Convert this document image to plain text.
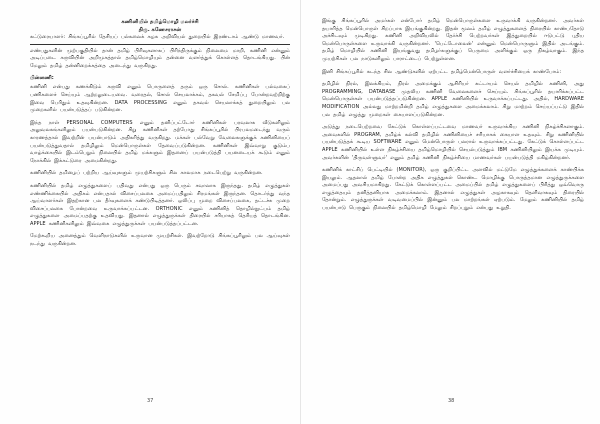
கணினியில் தமிழ்மொழி மலர்ச்சி
திரு. கணேசராசன்

கட்டுரையாளர்: சிங்கப்பூரில் தேசியப் பல்கலைக் கழக அறிவியல் துறையில் இரண்டாம் ஆண்டு மாணவர்.

எண்பதுகளின் முற்பகுதியில் தான் தமிழ் பிரிவுகளாகப் பிரிந்திருக்கும் நிலைமை மாறி, கணினி என்னும் அடிப்படை கருவியின் அறிமுகத்தால் தமிழ்மொழியும் தன்னை வளர்த்துக் கொள்ளத் தொடங்கியது. பின் மேலும் தமிழ் தன்னிறைக்கத்தை அடைந்து வருகிறது.

பின்னணி:

கணினி என்பது கணக்கிடும் கருவி எனும் பொருளைத் தரும் ஒரு சொல். கணினிகள் பல்வகைப் பணிகளைச் செய்யும் ஆற்றலுடையவை. வரைதல், சொல் செயலாக்கம், தகவல் சேமிப்பு போன்றவற்றிற்கு இவை பெரிதும் உதவுகின்றன. DATA PROCESSING எனும் தகவல் செயலாக்கத் துறையிலும் பல முறைகளில் பயன்படுத்தப் படுகின்றன.

இந்த நாள் PERSONAL COMPUTERS எனும் தனிப்பட்டோர் கணினிகள் பரவலாக வீடுகளிலும் அலுவலகங்களிலும் பயன்படுகின்றன. சிறு கணினிகள் தற்போது சிங்கப்பூரில் பிரபலமடைந்து வரும் காரணத்தால் இவற்றின் பயன்பாடும் அதிகரித்து வருகிறது. மக்கள் பல்வேறு வேலைகளுக்குக் கணினியைப் பயன்படுத்துவதால் தமிழிலும் மென்பொருள்கள் தேவைப்படுகின்றன. கணினிகள் இவ்வாறு குடும்ப வாழ்க்கையில் இடம்பெறும் நிலையில் தமிழ் மக்களும் இதனைப் பயன்படுத்தி பயனடையக் கூடும் எனும் நோக்கில் இக்கட்டுரை அமைகின்றது.

கணினியில் தமிழைப் பற்றிய ஆய்வுகளும் முயற்சிகளும் சில காலமாக நடைபெற்று வருகின்றன.

கணினியில் தமிழ் எழுத்துகளைப் பதிவது என்பது ஒரு பெரும் சவாலாக இருந்தது. தமிழ் எழுத்துகள் எண்ணிக்கையில் அதிகம் என்பதால் விசைப்பலகை அமைப்பதிலும் சிரமங்கள் இருந்தன. தொடர்ந்து வந்த ஆய்வாளர்கள் இதற்கான பல தீர்வுகளைக் கண்டுபிடித்தனர். ஒலிப்பு முறை விசைப்பலகை, தட்டச்சு முறை விசைப்பலகை போன்றவை உருவாக்கப்பட்டன. ORTHONIC எனும் கணினித் தொழில்நுட்பம் தமிழ் எழுத்துகளை அமைப்பதற்கு உதவியது. இதனால் எழுத்துருக்கள் திரையில் சரியாகத் தெரியத் தொடங்கின. APPLE கணினிகளிலும் இவ்வகை எழுத்துருக்கள் பயன்படுத்தப்பட்டன.

மேற்கூறிய அனைத்தும் வெளிநாடுகளில் உருவான முயற்சிகள். இவற்றோடு சிங்கப்பூரிலும் பல ஆய்வுகள் நடந்து வருகின்றன.

37

இங்கு சிங்கப்பூரில் அமர்கள் என்போர் தமிழ் மென்பொருள்களை உருவாக்கி வருகின்றனர். அவர்கள் தயாரித்த மென்பொருள் சிறப்பாக இயங்குகின்றது. இதன் மூலம் தமிழ் எழுத்துகளைத் திரையில் காண்பதோடு அச்சிடவும் முடிகிறது. கணினி அறிவியலில் தேர்ச்சி பெற்றவர்கள் இத்துறையில் ஈடுபட்டு புதிய மென்பொருள்களை உருவாக்கி வருகின்றனர். 'பெட்டோலைன்' என்னும் மென்பொருளும் இதில் அடங்கும். தமிழ் மொழியில் கணினி இயங்குவது தமிழர்களுக்குப் பெருமை அளிக்கும் ஒரு நிகழ்வாகும். இந்த முயற்சிகள் பல நாடுகளிலும் பாராட்டைப் பெற்றுள்ளன.

இனி சிங்கப்பூரில் கடந்த சில ஆண்டுகளில் ஏற்பட்ட தமிழ்மென்பொருள் வளர்ச்சியைக் காண்போம்:

தமிழில் நிரல், இலக்கியம், நிரல் அமைக்கும் ஆசிரியர் கட்டாயம் செயல் தமிழில் கணினி, அது PROGRAMMING, DATABASE முதலிய கணினி வேலைகளைச் செய்யும். சிங்கப்பூரில் தயாரிக்கப்பட்ட மென்பொருள்கள் பயன்படுத்தப்படுகின்றன. APPLE கணினியில் உருவாக்கப்பட்டது. அதில், HARDWARE MODIFICATION அல்லது மாற்றமின்றி தமிழ் எழுத்துகளை அமைக்கலாம். சிறு மாற்றம் செய்யப்பட்டு இதில் பல தமிழ் எழுத்து முறைகள் கையாளப்படுகின்றன.

அடுத்து நடைபெற்றவை கேட்டுக் கொள்ளப்பட்டவை மாணவர் உருவாக்கிய கணினி நிகழ்ச்சிகளாகும். அவைகளில் PROGRAM, தமிழ்க் கல்வி தமிழில் கணினியைச் சரியாகக் கையாள உதவும். சிறு கணினியில் பயன்படுத்தக் கூடிய SOFTWARE எனும் மென்பொருள் பலரால் உருவாக்கப்பட்டது. கேட்டுக் கொள்ளப்பட்ட APPLE கணினியில் உள்ள நிகழ்ச்சியை தமிழ்மொழியில் செயல்படுத்தும் IBM கணினியிலும் இயக்க முடியும். அவர்களின் 'திருவள்ளுவர்' எனும் தமிழ் கணினி நிகழ்ச்சியை மாணவர்கள் பயன்படுத்தி மகிழ்கின்றனர்.

கணினிக் காட்சிப் பெட்டியில் (MONITOR), ஒரு குறிப்பிட்ட அளவில் மட்டுமே எழுத்துக்களைக் காண்பிக்க இயலும். ஆதலால் தமிழ் போன்ற அதிக எழுத்துகள் கொண்ட மொழிக்கு பொருத்தமான எழுத்துருக்களை அமைப்பது அவசியமாகிறது. கேட்டுக் கொள்ளப்பட்ட அமைப்பில் தமிழ் எழுத்துகளைப் பிரித்து ஒவ்வொரு எழுத்தையும் தனித்தனியாக அமைக்கலாம். இதனால் எழுத்துகள் அழகாகவும் தெளிவாகவும் திரையில் தோன்றும். எழுத்துருக்கள் வடிவமைப்பில் இன்னும் பல மாற்றங்கள் ஏற்படும். மேலும் கணினியில் தமிழ் பயன்பாடு பெருகும் நிலையில் தமிழ்மொழி மேலும் சிறப்புறும் என்பது உறுதி.

38
